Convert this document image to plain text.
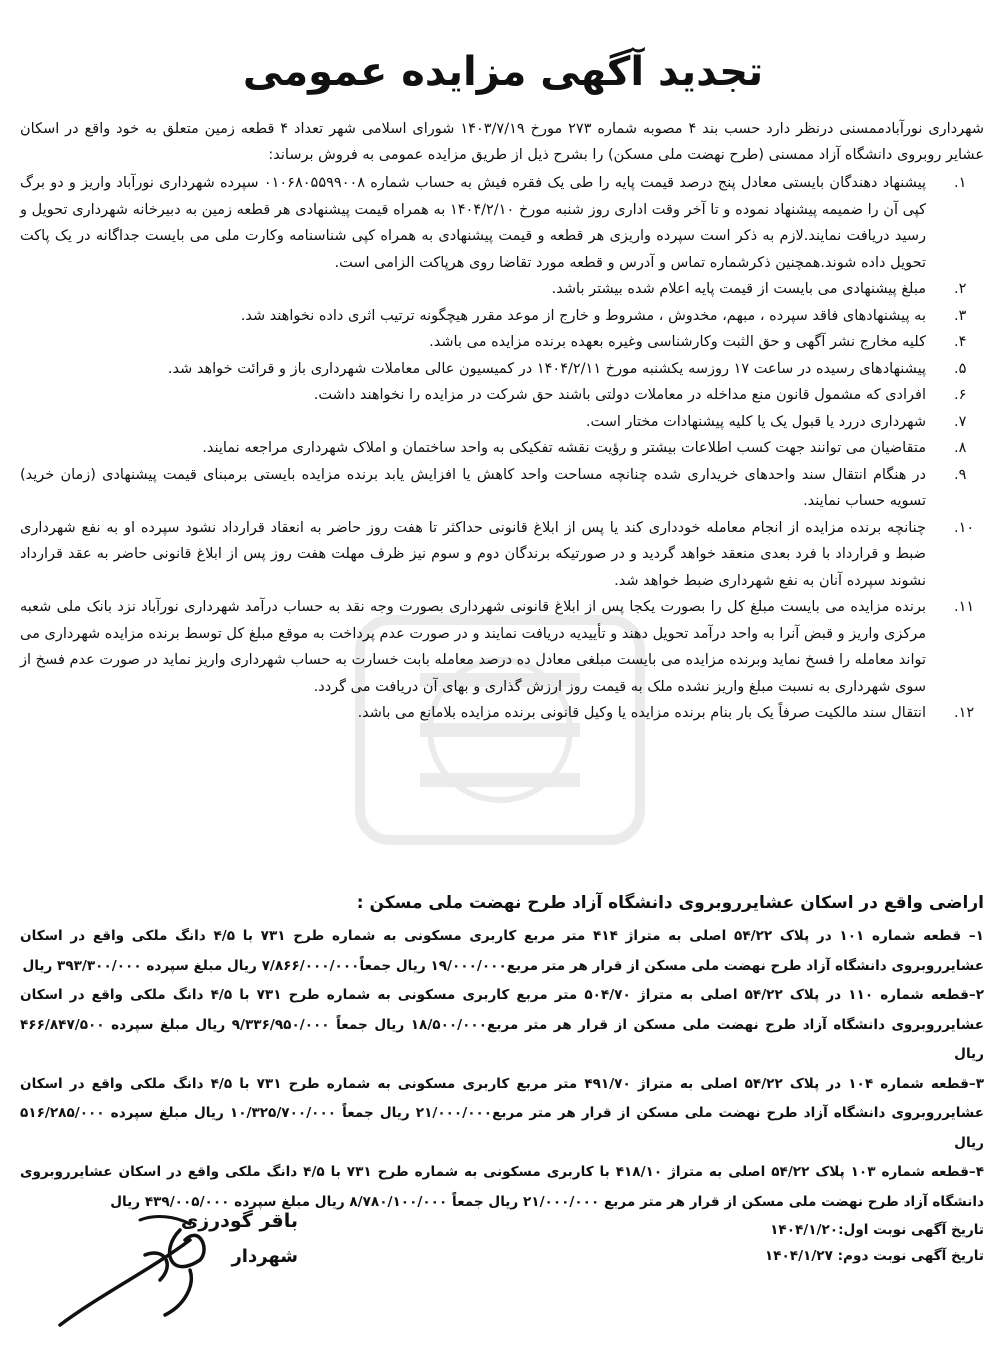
تجدید آگهی مزایده عمومی
شهرداری نورآبادممسنی درنظر دارد حسب بند ۴ مصوبه شماره ۲۷۳ مورخ ۱۴۰۳/۷/۱۹ شورای اسلامی شهر تعداد ۴ قطعه زمین متعلق به خود واقع در اسکان عشایر روبروی دانشگاه آزاد ممسنی (طرح نهضت ملی مسکن) را بشرح ذیل از طریق مزایده عمومی به فروش برساند:
.۱
پیشنهاد دهندگان بایستی معادل پنج درصد قیمت پایه را طی یک فقره فیش به حساب شماره ۰۱۰۶۸۰۵۵۹۹۰۰۸ سپرده شهرداری نورآباد واریز و دو برگ کپی آن را ضمیمه پیشنهاد نموده و تا آخر وقت اداری روز شنبه مورخ ۱۴۰۴/۲/۱۰ به همراه قیمت پیشنهادی هر قطعه زمین به دبیرخانه شهرداری تحویل و رسید دریافت نمایند.لازم به ذکر است سپرده واریزی هر قطعه و قیمت پیشنهادی به همراه کپی شناسنامه وکارت ملی می بایست جداگانه در یک پاکت تحویل داده شوند.همچنین ذکرشماره تماس و آدرس و قطعه مورد تقاضا روی هرپاکت الزامی است.
.۲
مبلغ پیشنهادی می بایست از قیمت پایه اعلام شده بیشتر باشد.
.۳
به پیشنهادهای فاقد سپرده ، مبهم، مخدوش ، مشروط و خارج از موعد مقرر هیچگونه ترتیب اثری داده نخواهند شد.
.۴
کلیه مخارج نشر آگهی و حق الثبت وکارشناسی وغیره بعهده برنده مزایده می باشد.
.۵
پیشنهادهای رسیده در ساعت ۱۷ روزسه یکشنبه مورخ ۱۴۰۴/۲/۱۱ در کمیسیون عالی معاملات شهرداری باز و قرائت خواهد شد.
.۶
افرادی که مشمول قانون منع مداخله در معاملات دولتی باشند حق شرکت در مزایده را نخواهند داشت.
.۷
شهرداری دررد یا قبول یک یا کلیه پیشنهادات مختار است.
.۸
متقاضیان می توانند جهت کسب اطلاعات بیشتر و رؤیت نقشه تفکیکی به واحد ساختمان و املاک شهرداری مراجعه نمایند.
.۹
در هنگام انتقال سند واحدهای خریداری شده چنانچه مساحت واحد کاهش یا افزایش یابد برنده مزایده بایستی برمبنای قیمت پیشنهادی (زمان خرید) تسویه حساب نمایند.
.۱۰
چنانچه برنده مزایده از انجام معامله خودداری کند یا پس از ابلاغ قانونی حداکثر تا هفت روز حاضر به انعقاد قرارداد نشود سپرده او به نفع شهرداری ضبط و قرارداد با فرد بعدی منعقد خواهد گردید و در صورتیکه برندگان دوم و سوم نیز ظرف مهلت هفت روز پس از ابلاغ قانونی حاضر به عقد قرارداد نشوند سپرده آنان به نفع شهرداری ضبط خواهد شد.
.۱۱
برنده مزایده می بایست مبلغ کل را بصورت یکجا پس از ابلاغ قانونی شهرداری بصورت وجه نقد به حساب درآمد شهرداری نورآباد نزد بانک ملی شعبه مرکزی واریز و قبض آنرا به واحد درآمد تحویل دهند و تأییدیه دریافت نمایند و در صورت عدم پرداخت به موقع مبلغ کل توسط برنده مزایده شهرداری می تواند معامله را فسخ نماید وبرنده مزایده می بایست مبلغی معادل ده درصد معامله بابت خسارت به حساب شهرداری واریز نماید در صورت عدم فسخ از سوی شهرداری به نسبت مبلغ واریز نشده ملک به قیمت روز ارزش گذاری و بهای آن دریافت می گردد.
.۱۲
انتقال سند مالکیت صرفاً یک بار بنام برنده مزایده یا وکیل قانونی برنده مزایده بلامانع می باشد.
اراضی واقع در اسکان عشایرروبروی دانشگاه آزاد طرح نهضت ملی مسکن :
۱– قطعه شماره ۱۰۱ در پلاک ۵۴/۲۲ اصلی به متراژ ۴۱۴ متر مربع کاربری مسکونی به شماره طرح ۷۳۱ با ۴/۵ دانگ ملکی واقع در اسکان عشایرروبروی دانشگاه آزاد طرح نهضت ملی مسکن از قرار هر متر مربع۱۹/۰۰۰/۰۰۰ ریال جمعاً۷/۸۶۶/۰۰۰/۰۰۰ ریال مبلغ سپرده ۳۹۳/۳۰۰/۰۰۰ ریال
۲–قطعه شماره ۱۱۰ در پلاک ۵۴/۲۲ اصلی به متراژ ۵۰۴/۷۰ متر مربع کاربری مسکونی به شماره طرح ۷۳۱ با ۴/۵ دانگ ملکی واقع در اسکان عشایرروبروی دانشگاه آزاد طرح نهضت ملی مسکن از قرار هر متر مربع۱۸/۵۰۰/۰۰۰ ریال جمعاً ۹/۳۳۶/۹۵۰/۰۰۰ ریال مبلغ سپرده ۴۶۶/۸۴۷/۵۰۰ ریال
۳–قطعه شماره ۱۰۴ در پلاک ۵۴/۲۲ اصلی به متراژ ۴۹۱/۷۰ متر مربع کاربری مسکونی به شماره طرح ۷۳۱ با ۴/۵ دانگ ملکی واقع در اسکان عشایرروبروی دانشگاه آزاد طرح نهضت ملی مسکن از قرار هر متر مربع۲۱/۰۰۰/۰۰۰ ریال جمعاً ۱۰/۳۲۵/۷۰۰/۰۰۰ ریال مبلغ سپرده ۵۱۶/۲۸۵/۰۰۰ ریال
۴–قطعه شماره ۱۰۳ پلاک ۵۴/۲۲ اصلی به متراژ ۴۱۸/۱۰ با کاربری مسکونی به شماره طرح ۷۳۱ با ۴/۵ دانگ ملکی واقع در اسکان عشایرروبروی دانشگاه آزاد طرح نهضت ملی مسکن از قرار هر متر مربع ۲۱/۰۰۰/۰۰۰ ریال جمعاً ۸/۷۸۰/۱۰۰/۰۰۰ ریال مبلغ سپرده ۴۳۹/۰۰۵/۰۰۰ ریال
تاریخ آگهی نوبت اول:۱۴۰۴/۱/۲۰
تاریخ آگهی نوبت دوم: ۱۴۰۴/۱/۲۷
باقر گودرزی
شهردار
